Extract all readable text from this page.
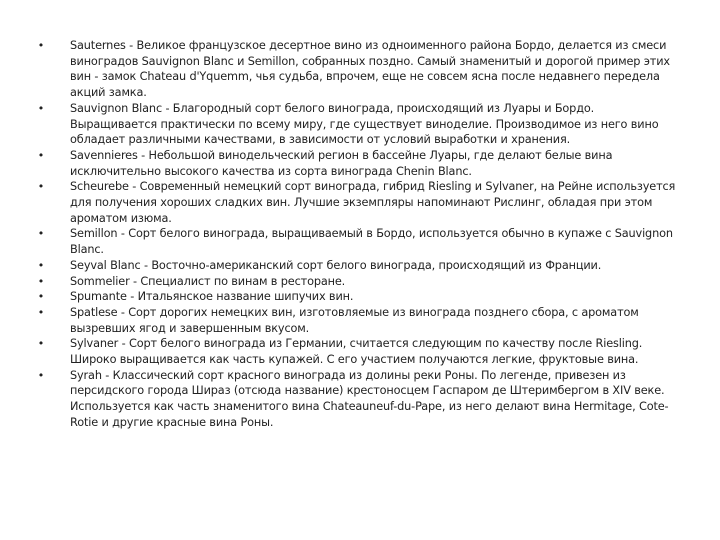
• Sauternes - Великое французское десертное вино из одноименного района Бордо, делается из смеси виноградов Sauvignon Blanc и Semillon, собранных поздно. Самый знаменитый и дорогой пример этих вин - замок Chateau d'Yquemm, чья судьба, впрочем, еще не совсем ясна после недавнего передела акций замка.
• Sauvignon Blanc - Благородный сорт белого винограда, происходящий из Луары и Бордо. Выращивается практически по всему миру, где существует виноделие. Производимое из него вино обладает различными качествами, в зависимости от условий выработки и хранения.
• Savennieres - Небольшой винодельческий регион в бассейне Луары, где делают белые вина исключительно высокого качества из сорта винограда Chenin Blanc.
• Scheurebe - Современный немецкий сорт винограда, гибрид Riesling и Sylvaner, на Рейне используется для получения хороших сладких вин. Лучшие экземпляры напоминают Рислинг, обладая при этом ароматом изюма.
• Semillon - Сорт белого винограда, выращиваемый в Бордо, используется обычно в купаже с Sauvignon Blanc.
• Seyval Blanc - Восточно-американский сорт белого винограда, происходящий из Франции.
• Sommelier - Специалист по винам в ресторане.
• Spumante - Итальянское название шипучих вин.
• Spatlese - Сорт дорогих немецких вин, изготовляемые из винограда позднего сбора, с ароматом вызревших ягод и завершенным вкусом.
• Sylvaner - Сорт белого винограда из Германии, считается следующим по качеству после Riesling. Широко выращивается как часть купажей. С его участием получаются легкие, фруктовые вина.
• Syrah - Классический сорт красного винограда из долины реки Роны. По легенде, привезен из персидского города Шираз (отсюда название) крестоносцем Гаспаром де Штеримбергом в XIV веке. Используется как часть знаменитого вина Chateauneuf-du-Pape, из него делают вина Hermitage, Cote-Rotie и другие красные вина Роны.
